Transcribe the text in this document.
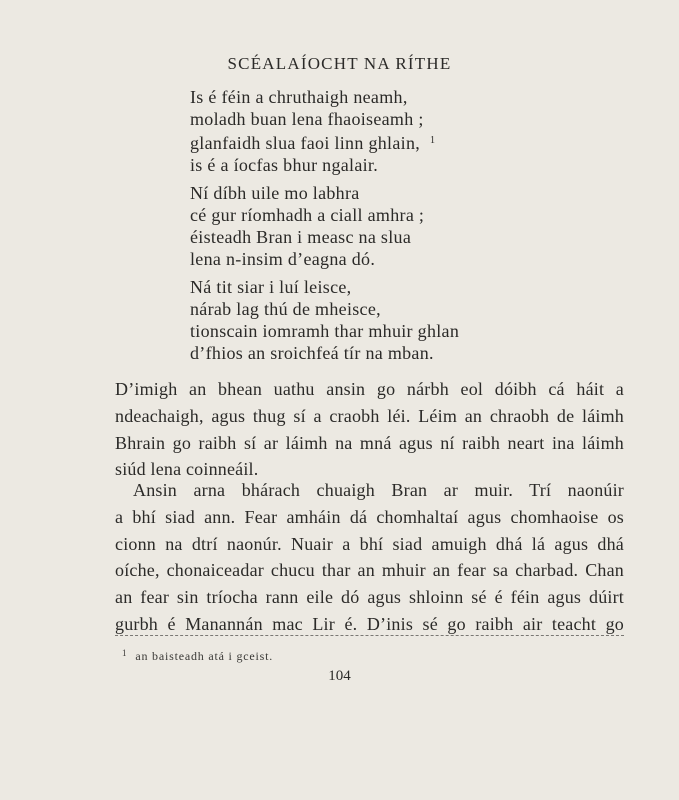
SCÉALAÍOCHT NA RÍTHE
Is é féin a chruthaigh neamh,
moladh buan lena fhaoiseamh ;
glanfaidh slua faoi linn ghlain, $^1$
is é a íocfas bhur ngalair.
Ní díbh uile mo labhra
cé gur ríomhadh a ciall amhra ;
éisteadh Bran i measc na slua
lena n-insim d’eagna dó.
Ná tit siar i luí leisce,
nárab lag thú de mheisce,
tionscain iomramh thar mhuir ghlan
d’fhios an sroichfeá tír na mban.
D’imigh an bhean uathu ansin go nárbh eol dóibh cá háit a
ndeachaigh, agus thug sí a craobh léi. Léim an chraobh de láimh
Bhrain go raibh sí ar láimh na mná agus ní raibh neart ina láimh
siúd lena coinneáil.
Ansin arna bhárach chuaigh Bran ar muir. Trí naonúir
a bhí siad ann. Fear amháin dá chomhaltaí agus chomhaoise os
cionn na dtrí naonúr. Nuair a bhí siad amuigh dhá lá agus dhá
oíche, chonaiceadar chucu thar an mhuir an fear sa charbad. Chan
an fear sin tríocha rann eile dó agus shloinn sé é féin agus dúirt
gurbh é Manannán mac Lir é. D’inis sé go raibh air teacht go
$^1$ an baisteadh atá i gceist.
104
